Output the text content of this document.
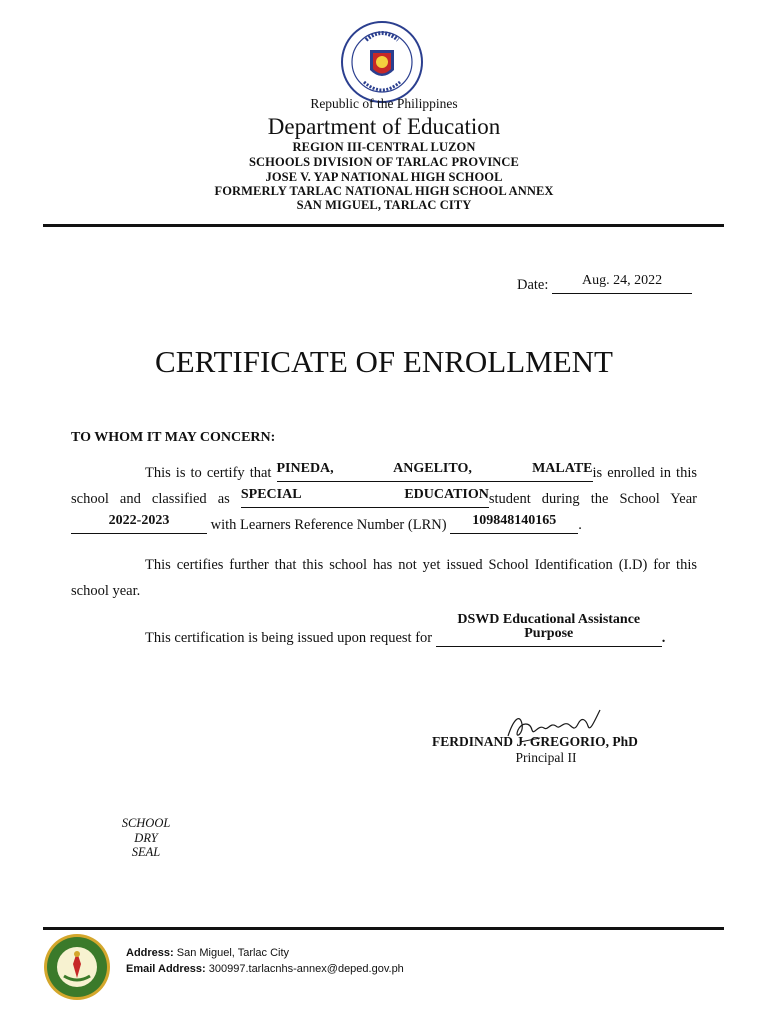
Republic of the Philippines
Department of Education
REGION III-CENTRAL LUZON
SCHOOLS DIVISION OF TARLAC PROVINCE
JOSE V. YAP NATIONAL HIGH SCHOOL
FORMERLY TARLAC NATIONAL HIGH SCHOOL ANNEX
SAN MIGUEL, TARLAC CITY
Date: Aug. 24, 2022
CERTIFICATE OF ENROLLMENT
TO WHOM IT MAY CONCERN:
This is to certify that PINEDA, ANGELITO, MALATEis enrolled in this
school and classified as SPECIAL EDUCATIONstudent during the School Year
2022-2023	with Learners Reference Number (LRN) 109848140165 .
This certifies further that this school has not yet issued School Identification (I.D) for this school year.
This certification is being issued upon request for DSWD Educational Assistance Purpose	.
FERDINAND J. GREGORIO, PhD
Principal II
SCHOOL
DRY
SEAL
Address: San Miguel, Tarlac City
Email Address: 300997.tarlacnhs-annex@deped.gov.ph
